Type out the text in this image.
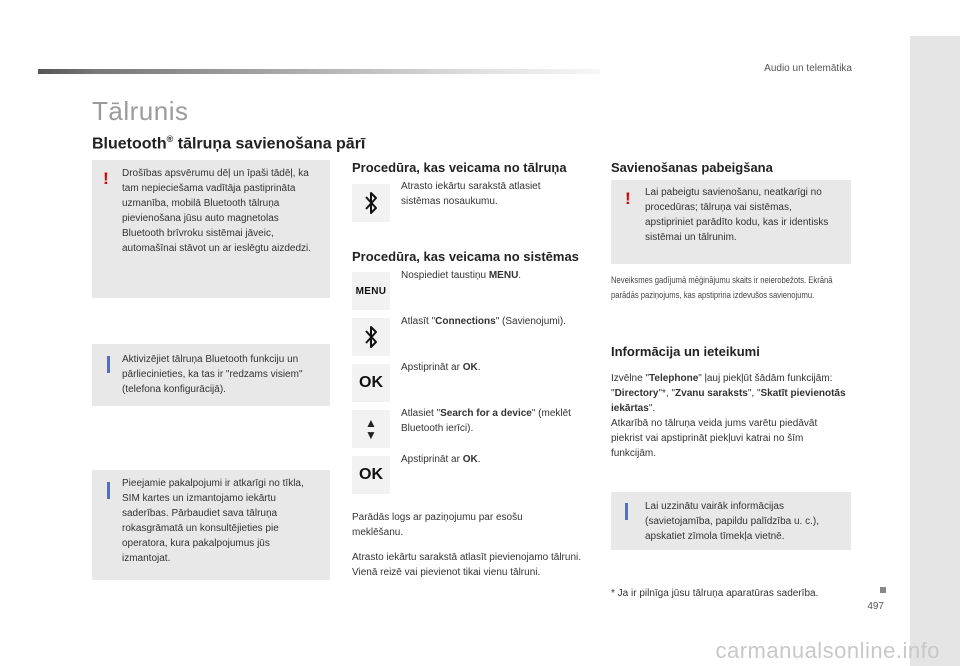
Audio un telemātika
Tālrunis
Bluetooth® tālruņa savienošana pārī
! Drošības apsvērumu dēļ un īpaši tādēļ, ka tam nepieciešama vadītāja pastiprināta uzmanība, mobilā Bluetooth tālruņa pievienošana jūsu auto magnetolas Bluetooth brīvroku sistēmai jāveic, automašīnai stāvot un ar ieslēgtu aizdedzi.
Aktivizējiet tālruņa Bluetooth funkciju un pārliecinieties, ka tas ir "redzams visiem" (telefona konfigurācijā).
Pieejamie pakalpojumi ir atkarīgi no tīkla, SIM kartes un izmantojamo iekārtu saderības. Pārbaudiet sava tālruņa rokasgrāmatā un konsultējieties pie operatora, kura pakalpojumus jūs izmantojat.
Procedūra, kas veicama no tālruņa
Atrasto iekārtu sarakstā atlasiet sistēmas nosaukumu.
Procedūra, kas veicama no sistēmas
MENU
Nospiediet taustiņu MENU.
Atlasīt "Connections" (Savienojumi).
OK
Apstiprināt ar OK.
▲
▼
Atlasiet "Search for a device" (meklēt Bluetooth ierīci).
OK
Apstiprināt ar OK.
Parādās logs ar paziņojumu par esošu meklēšanu.
Atrasto iekārtu sarakstā atlasīt pievienojamo tālruni. Vienā reizē vai pievienot tikai vienu tālruni.
Savienošanas pabeigšana
! Lai pabeigtu savienošanu, neatkarīgi no procedūras; tālruņa vai sistēmas, apstipriniet parādīto kodu, kas ir identisks sistēmai un tālrunim.
Neveiksmes gadījumā mēģinājumu skaits ir neierobežots. Ekrānā parādās paziņojums, kas apstiprina izdevušos savienojumu.
Informācija un ieteikumi
Izvēlne "Telephone" ļauj piekļūt šādām funkcijām: "Directory"*, "Zvanu saraksts", "Skatīt pievienotās iekārtas".
Atkarībā no tālruņa veida jums varētu piedāvāt piekrist vai apstiprināt piekļuvi katrai no šīm funkcijām.
Lai uzzinātu vairāk informācijas (savietojamība, papildu palīdzība u. c.), apskatiet zīmola tīmekļa vietnē.
* Ja ir pilnīga jūsu tālruņa aparatūras saderība.
497
carmanualsonline.info
